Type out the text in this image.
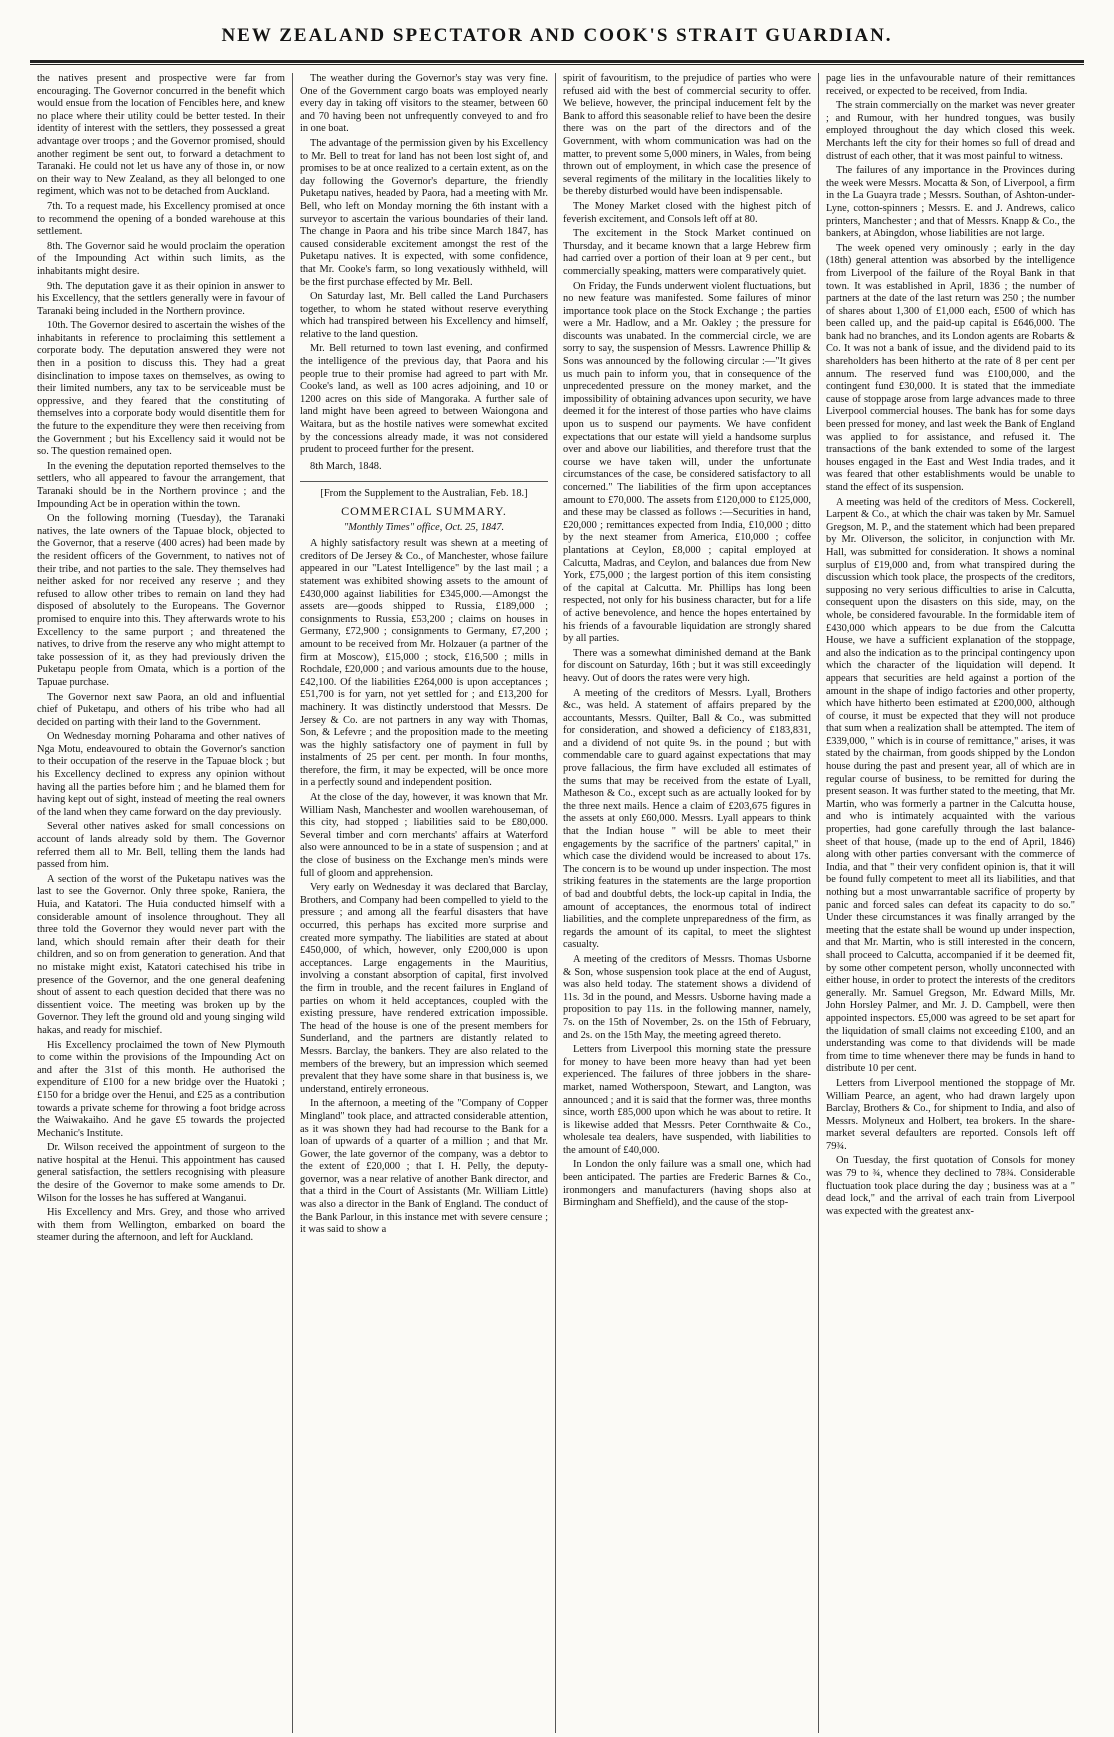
NEW ZEALAND SPECTATOR AND COOK'S STRAIT GUARDIAN.

the natives present and prospective were far from encouraging. The Governor concurred in the benefit which would ensue from the location of Fencibles here, and knew no place where their utility could be better tested. In their identity of interest with the settlers, they possessed a great advantage over troops ; and the Governor promised, should another regiment be sent out, to forward a detachment to Taranaki. He could not let us have any of those in, or now on their way to New Zealand, as they all belonged to one regiment, which was not to be detached from Auckland.

7th. To a request made, his Excellency promised at once to recommend the opening of a bonded warehouse at this settlement.

8th. The Governor said he would proclaim the operation of the Impounding Act within such limits, as the inhabitants might desire.

9th. The deputation gave it as their opinion in answer to his Excellency, that the settlers generally were in favour of Taranaki being included in the Northern province.

10th. The Governor desired to ascertain the wishes of the inhabitants in reference to proclaiming this settlement a corporate body. The deputation answered they were not then in a position to discuss this. They had a great disinclination to impose taxes on themselves, as owing to their limited numbers, any tax to be serviceable must be oppressive, and they feared that the constituting of themselves into a corporate body would disentitle them for the future to the expenditure they were then receiving from the Government ; but his Excellency said it would not be so. The question remained open.

In the evening the deputation reported themselves to the settlers, who all appeared to favour the arrangement, that Taranaki should be in the Northern province ; and the Impounding Act be in operation within the town.

On the following morning (Tuesday), the Taranaki natives, the late owners of the Tapuae block, objected to the Governor, that a reserve (400 acres) had been made by the resident officers of the Government, to natives not of their tribe, and not parties to the sale. They themselves had neither asked for nor received any reserve ; and they refused to allow other tribes to remain on land they had disposed of absolutely to the Europeans. The Governor promised to enquire into this. They afterwards wrote to his Excellency to the same purport ; and threatened the natives, to drive from the reserve any who might attempt to take possession of it, as they had previously driven the Puketapu people from Omata, which is a portion of the Tapuae purchase.

The Governor next saw Paora, an old and influential chief of Puketapu, and others of his tribe who had all decided on parting with their land to the Government.

On Wednesday morning Poharama and other natives of Nga Motu, endeavoured to obtain the Governor's sanction to their occupation of the reserve in the Tapuae block ; but his Excellency declined to express any opinion without having all the parties before him ; and he blamed them for having kept out of sight, instead of meeting the real owners of the land when they came forward on the day previously.

Several other natives asked for small concessions on account of lands already sold by them. The Governor referred them all to Mr. Bell, telling them the lands had passed from him.

A section of the worst of the Puketapu natives was the last to see the Governor. Only three spoke, Raniera, the Huia, and Katatori. The Huia conducted himself with a considerable amount of insolence throughout. They all three told the Governor they would never part with the land, which should remain after their death for their children, and so on from generation to generation. And that no mistake might exist, Katatori catechised his tribe in presence of the Governor, and the one general deafening shout of assent to each question decided that there was no dissentient voice. The meeting was broken up by the Governor. They left the ground old and young singing wild hakas, and ready for mischief.

His Excellency proclaimed the town of New Plymouth to come within the provisions of the Impounding Act on and after the 31st of this month. He authorised the expenditure of £100 for a new bridge over the Huatoki ; £150 for a bridge over the Henui, and £25 as a contribution towards a private scheme for throwing a foot bridge across the Waiwakaiho. And he gave £5 towards the projected Mechanic's Institute.

Dr. Wilson received the appointment of surgeon to the native hospital at the Henui. This appointment has caused general satisfaction, the settlers recognising with pleasure the desire of the Governor to make some amends to Dr. Wilson for the losses he has suffered at Wanganui.

His Excellency and Mrs. Grey, and those who arrived with them from Wellington, embarked on board the steamer during the afternoon, and left for Auckland.

The weather during the Governor's stay was very fine. One of the Government cargo boats was employed nearly every day in taking off visitors to the steamer, between 60 and 70 having been not unfrequently conveyed to and fro in one boat.

The advantage of the permission given by his Excellency to Mr. Bell to treat for land has not been lost sight of, and promises to be at once realized to a certain extent, as on the day following the Governor's departure, the friendly Puketapu natives, headed by Paora, had a meeting with Mr. Bell, who left on Monday morning the 6th instant with a surveyor to ascertain the various boundaries of their land. The change in Paora and his tribe since March 1847, has caused considerable excitement amongst the rest of the Puketapu natives. It is expected, with some confidence, that Mr. Cooke's farm, so long vexatiously withheld, will be the first purchase effected by Mr. Bell.

On Saturday last, Mr. Bell called the Land Purchasers together, to whom he stated without reserve everything which had transpired between his Excellency and himself, relative to the land question.

Mr. Bell returned to town last evening, and confirmed the intelligence of the previous day, that Paora and his people true to their promise had agreed to part with Mr. Cooke's land, as well as 100 acres adjoining, and 10 or 1200 acres on this side of Mangoraka. A further sale of land might have been agreed to between Waiongona and Waitara, but as the hostile natives were somewhat excited by the concessions already made, it was not considered prudent to proceed further for the present.

8th March, 1848.
[From the Supplement to the Australian, Feb. 18.]
COMMERCIAL SUMMARY.
"Monthly Times" office, Oct. 25, 1847.

A highly satisfactory result was shewn at a meeting of creditors of De Jersey & Co., of Manchester, whose failure appeared in our "Latest Intelligence" by the last mail ; a statement was exhibited showing assets to the amount of £430,000 against liabilities for £345,000.—Amongst the assets are—goods shipped to Russia, £189,000 ; consignments to Russia, £53,200 ; claims on houses in Germany, £72,900 ; consignments to Germany, £7,200 ; amount to be received from Mr. Holzauer (a partner of the firm at Moscow), £15,000 ; stock, £16,500 ; mills in Rochdale, £20,000 ; and various amounts due to the house, £42,100. Of the liabilities £264,000 is upon acceptances ; £51,700 is for yarn, not yet settled for ; and £13,200 for machinery. It was distinctly understood that Messrs. De Jersey & Co. are not partners in any way with Thomas, Son, & Lefevre ; and the proposition made to the meeting was the highly satisfactory one of payment in full by instalments of 25 per cent. per month. In four months, therefore, the firm, it may be expected, will be once more in a perfectly sound and independent position.

At the close of the day, however, it was known that Mr. William Nash, Manchester and woollen warehouseman, of this city, had stopped ; liabilities said to be £80,000. Several timber and corn merchants' affairs at Waterford also were announced to be in a state of suspension ; and at the close of business on the Exchange men's minds were full of gloom and apprehension.

Very early on Wednesday it was declared that Barclay, Brothers, and Company had been compelled to yield to the pressure ; and among all the fearful disasters that have occurred, this perhaps has excited more surprise and created more sympathy. The liabilities are stated at about £450,000, of which, however, only £200,000 is upon acceptances. Large engagements in the Mauritius, involving a constant absorption of capital, first involved the firm in trouble, and the recent failures in England of parties on whom it held acceptances, coupled with the existing pressure, have rendered extrication impossible. The head of the house is one of the present members for Sunderland, and the partners are distantly related to Messrs. Barclay, the bankers. They are also related to the members of the brewery, but an impression which seemed prevalent that they have some share in that business is, we understand, entirely erroneous.

In the afternoon, a meeting of the "Company of Copper Mingland" took place, and attracted considerable attention, as it was shown they had had recourse to the Bank for a loan of upwards of a quarter of a million ; and that Mr. Gower, the late governor of the company, was a debtor to the extent of £20,000 ; that I. H. Pelly, the deputy-governor, was a near relative of another Bank director, and that a third in the Court of Assistants (Mr. William Little) was also a director in the Bank of England. The conduct of the Bank Parlour, in this instance met with severe censure ; it was said to show a

spirit of favouritism, to the prejudice of parties who were refused aid with the best of commercial security to offer. We believe, however, the principal inducement felt by the Bank to afford this seasonable relief to have been the desire there was on the part of the directors and of the Government, with whom communication was had on the matter, to prevent some 5,000 miners, in Wales, from being thrown out of employment, in which case the presence of several regiments of the military in the localities likely to be thereby disturbed would have been indispensable.

The Money Market closed with the highest pitch of feverish excitement, and Consols left off at 80.

The excitement in the Stock Market continued on Thursday, and it became known that a large Hebrew firm had carried over a portion of their loan at 9 per cent., but commercially speaking, matters were comparatively quiet.

On Friday, the Funds underwent violent fluctuations, but no new feature was manifested. Some failures of minor importance took place on the Stock Exchange ; the parties were a Mr. Hadlow, and a Mr. Oakley ; the pressure for discounts was unabated. In the commercial circle, we are sorry to say, the suspension of Messrs. Lawrence Phillip & Sons was announced by the following circular :—"It gives us much pain to inform you, that in consequence of the unprecedented pressure on the money market, and the impossibility of obtaining advances upon security, we have deemed it for the interest of those parties who have claims upon us to suspend our payments. We have confident expectations that our estate will yield a handsome surplus over and above our liabilities, and therefore trust that the course we have taken will, under the unfortunate circumstances of the case, be considered satisfactory to all concerned." The liabilities of the firm upon acceptances amount to £70,000. The assets from £120,000 to £125,000, and these may be classed as follows :—Securities in hand, £20,000 ; remittances expected from India, £10,000 ; ditto by the next steamer from America, £10,000 ; coffee plantations at Ceylon, £8,000 ; capital employed at Calcutta, Madras, and Ceylon, and balances due from New York, £75,000 ; the largest portion of this item consisting of the capital at Calcutta. Mr. Phillips has long been respected, not only for his business character, but for a life of active benevolence, and hence the hopes entertained by his friends of a favourable liquidation are strongly shared by all parties.

There was a somewhat diminished demand at the Bank for discount on Saturday, 16th ; but it was still exceedingly heavy. Out of doors the rates were very high.

A meeting of the creditors of Messrs. Lyall, Brothers &c., was held. A statement of affairs prepared by the accountants, Messrs. Quilter, Ball & Co., was submitted for consideration, and showed a deficiency of £183,831, and a dividend of not quite 9s. in the pound ; but with commendable care to guard against expectations that may prove fallacious, the firm have excluded all estimates of the sums that may be received from the estate of Lyall, Matheson & Co., except such as are actually looked for by the three next mails. Hence a claim of £203,675 figures in the assets at only £60,000. Messrs. Lyall appears to think that the Indian house " will be able to meet their engagements by the sacrifice of the partners' capital," in which case the dividend would be increased to about 17s. The concern is to be wound up under inspection. The most striking features in the statements are the large proportion of bad and doubtful debts, the lock-up capital in India, the amount of acceptances, the enormous total of indirect liabilities, and the complete unpreparedness of the firm, as regards the amount of its capital, to meet the slightest casualty.

A meeting of the creditors of Messrs. Thomas Usborne & Son, whose suspension took place at the end of August, was also held today. The statement shows a dividend of 11s. 3d in the pound, and Messrs. Usborne having made a proposition to pay 11s. in the following manner, namely, 7s. on the 15th of November, 2s. on the 15th of February, and 2s. on the 15th May, the meeting agreed thereto.

Letters from Liverpool this morning state the pressure for money to have been more heavy than had yet been experienced. The failures of three jobbers in the share-market, named Wotherspoon, Stewart, and Langton, was announced ; and it is said that the former was, three months since, worth £85,000 upon which he was about to retire. It is likewise added that Messrs. Peter Cornthwaite & Co., wholesale tea dealers, have suspended, with liabilities to the amount of £40,000.

In London the only failure was a small one, which had been anticipated. The parties are Frederic Barnes & Co., ironmongers and manufacturers (having shops also at Birmingham and Sheffield), and the cause of the stop-

page lies in the unfavourable nature of their remittances received, or expected to be received, from India.

The strain commercially on the market was never greater ; and Rumour, with her hundred tongues, was busily employed throughout the day which closed this week. Merchants left the city for their homes so full of dread and distrust of each other, that it was most painful to witness.

The failures of any importance in the Provinces during the week were Messrs. Mocatta & Son, of Liverpool, a firm in the La Guayra trade ; Messrs. Southan, of Ashton-under-Lyne, cotton-spinners ; Messrs. E. and J. Andrews, calico printers, Manchester ; and that of Messrs. Knapp & Co., the bankers, at Abingdon, whose liabilities are not large.

The week opened very ominously ; early in the day (18th) general attention was absorbed by the intelligence from Liverpool of the failure of the Royal Bank in that town. It was established in April, 1836 ; the number of partners at the date of the last return was 250 ; the number of shares about 1,300 of £1,000 each, £500 of which has been called up, and the paid-up capital is £646,000. The bank had no branches, and its London agents are Robarts & Co. It was not a bank of issue, and the dividend paid to its shareholders has been hitherto at the rate of 8 per cent per annum. The reserved fund was £100,000, and the contingent fund £30,000. It is stated that the immediate cause of stoppage arose from large advances made to three Liverpool commercial houses. The bank has for some days been pressed for money, and last week the Bank of England was applied to for assistance, and refused it. The transactions of the bank extended to some of the largest houses engaged in the East and West India trades, and it was feared that other establishments would be unable to stand the effect of its suspension.

A meeting was held of the creditors of Mess. Cockerell, Larpent & Co., at which the chair was taken by Mr. Samuel Gregson, M. P., and the statement which had been prepared by Mr. Oliverson, the solicitor, in conjunction with Mr. Hall, was submitted for consideration. It shows a nominal surplus of £19,000 and, from what transpired during the discussion which took place, the prospects of the creditors, supposing no very serious difficulties to arise in Calcutta, consequent upon the disasters on this side, may, on the whole, be considered favourable. In the formidable item of £430,000 which appears to be due from the Calcutta House, we have a sufficient explanation of the stoppage, and also the indication as to the principal contingency upon which the character of the liquidation will depend. It appears that securities are held against a portion of the amount in the shape of indigo factories and other property, which have hitherto been estimated at £200,000, although of course, it must be expected that they will not produce that sum when a realization shall be attempted. The item of £339,000, " which is in course of remittance," arises, it was stated by the chairman, from goods shipped by the London house during the past and present year, all of which are in regular course of business, to be remitted for during the present season. It was further stated to the meeting, that Mr. Martin, who was formerly a partner in the Calcutta house, and who is intimately acquainted with the various properties, had gone carefully through the last balance-sheet of that house, (made up to the end of April, 1846) along with other parties conversant with the commerce of India, and that " their very confident opinion is, that it will be found fully competent to meet all its liabilities, and that nothing but a most unwarrantable sacrifice of property by panic and forced sales can defeat its capacity to do so." Under these circumstances it was finally arranged by the meeting that the estate shall be wound up under inspection, and that Mr. Martin, who is still interested in the concern, shall proceed to Calcutta, accompanied if it be deemed fit, by some other competent person, wholly unconnected with either house, in order to protect the interests of the creditors generally. Mr. Samuel Gregson, Mr. Edward Mills, Mr. John Horsley Palmer, and Mr. J. D. Campbell, were then appointed inspectors. £5,000 was agreed to be set apart for the liquidation of small claims not exceeding £100, and an understanding was come to that dividends will be made from time to time whenever there may be funds in hand to distribute 10 per cent.

Letters from Liverpool mentioned the stoppage of Mr. William Pearce, an agent, who had drawn largely upon Barclay, Brothers & Co., for shipment to India, and also of Messrs. Molyneux and Holbert, tea brokers. In the share-market several defaulters are reported. Consols left off 79¾.

On Tuesday, the first quotation of Consols for money was 79 to ¾, whence they declined to 78¾. Considerable fluctuation took place during the day ; business was at a " dead lock," and the arrival of each train from Liverpool was expected with the greatest anx-
